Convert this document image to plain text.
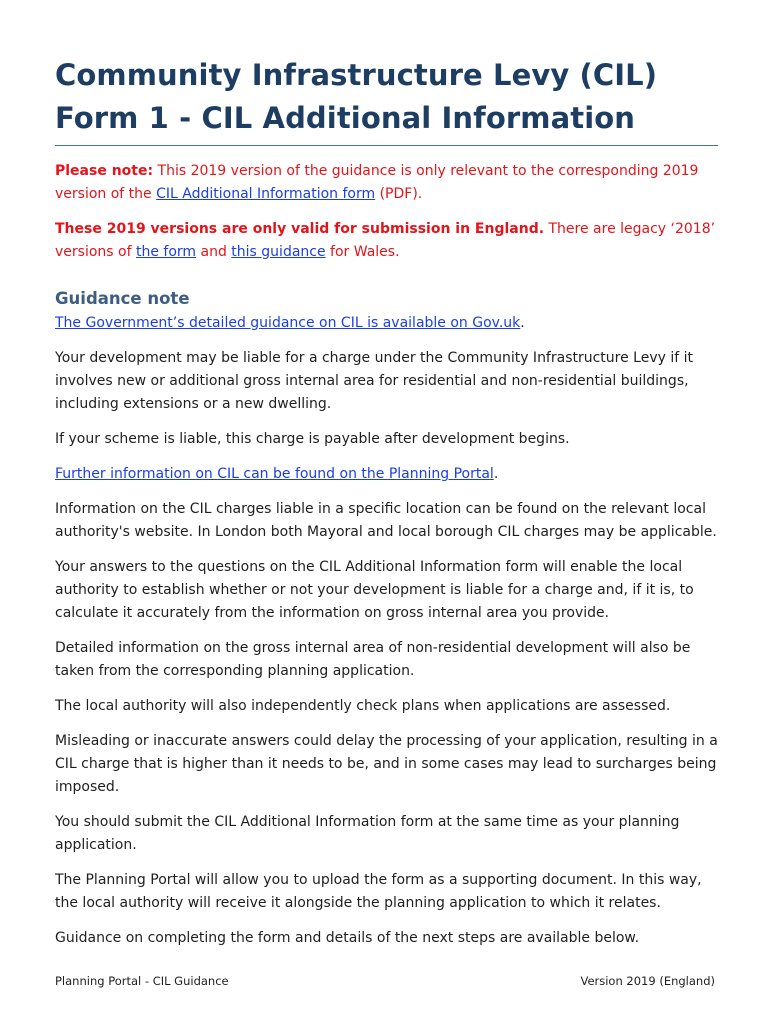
Community Infrastructure Levy (CIL)
Form 1 - CIL Additional Information

Please note: This 2019 version of the guidance is only relevant to the corresponding 2019 version of the CIL Additional Information form (PDF).

These 2019 versions are only valid for submission in England. There are legacy ‘2018’ versions of the form and this guidance for Wales.

Guidance note

The Government’s detailed guidance on CIL is available on Gov.uk.

Your development may be liable for a charge under the Community Infrastructure Levy if it involves new or additional gross internal area for residential and non-residential buildings, including extensions or a new dwelling.

If your scheme is liable, this charge is payable after development begins.

Further information on CIL can be found on the Planning Portal.

Information on the CIL charges liable in a specific location can be found on the relevant local authority's website. In London both Mayoral and local borough CIL charges may be applicable.

Your answers to the questions on the CIL Additional Information form will enable the local authority to establish whether or not your development is liable for a charge and, if it is, to calculate it accurately from the information on gross internal area you provide.

Detailed information on the gross internal area of non-residential development will also be taken from the corresponding planning application.

The local authority will also independently check plans when applications are assessed.

Misleading or inaccurate answers could delay the processing of your application, resulting in a CIL charge that is higher than it needs to be, and in some cases may lead to surcharges being imposed.

You should submit the CIL Additional Information form at the same time as your planning application.

The Planning Portal will allow you to upload the form as a supporting document. In this way, the local authority will receive it alongside the planning application to which it relates.

Guidance on completing the form and details of the next steps are available below.

Planning Portal - CIL Guidance	Version 2019 (England)
